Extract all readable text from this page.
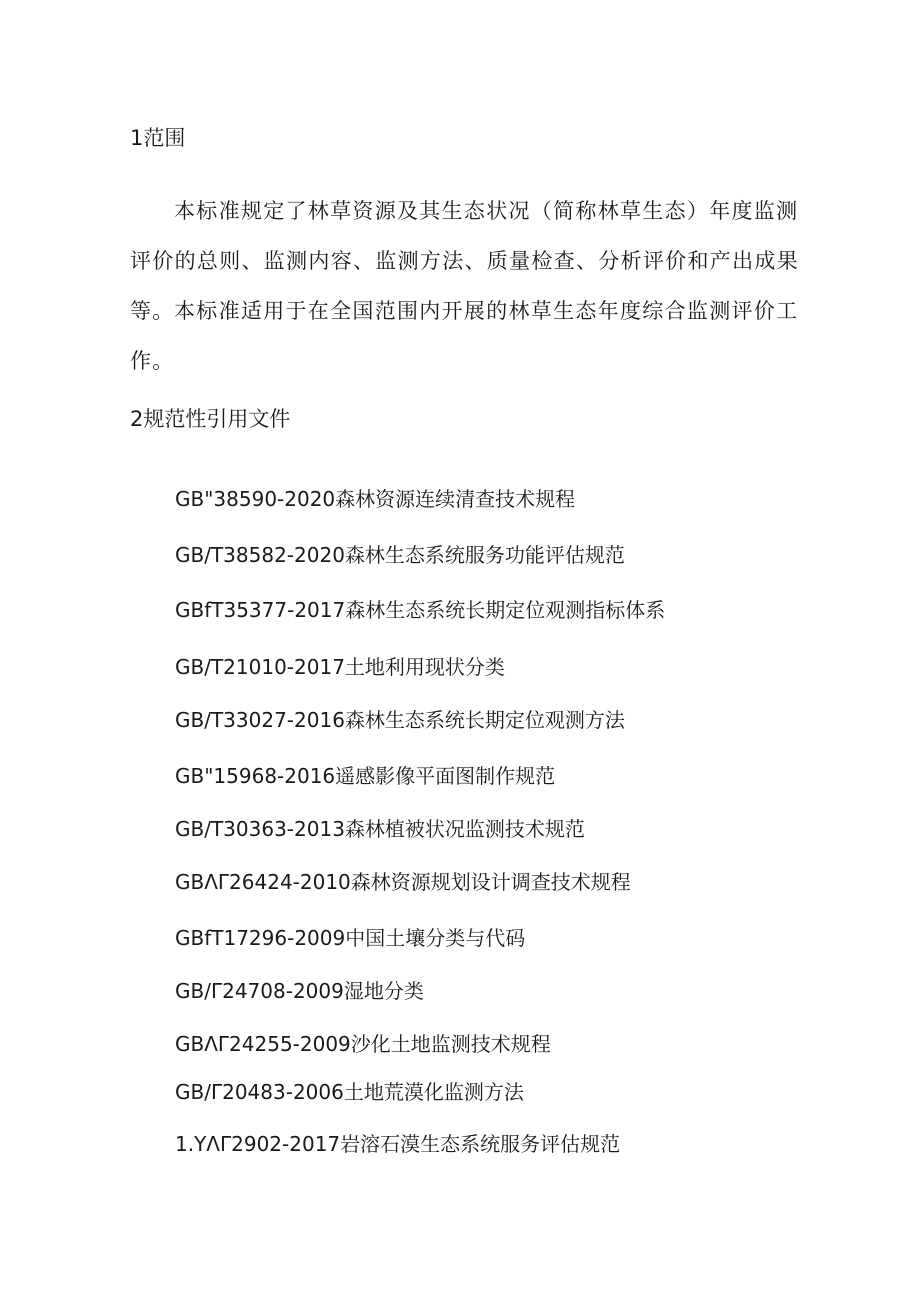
1范围
本标准规定了林草资源及其生态状况（简称林草生态）年度监测评价的总则、监测内容、监测方法、质量检查、分析评价和产出成果等。 本标准适用于在全国范围内开展的林草生态年度综合监测评价工作。
2规范性引用文件
GB"38590-2020森林资源连续清查技术规程
GB/T38582-2020森林生态系统服务功能评估规范
GBfT35377-2017森林生态系统长期定位观测指标体系
GB/T21010-2017土地利用现状分类
GB/T33027-2016森林生态系统长期定位观测方法
GB"15968-2016遥感影像平面图制作规范
GB/T30363-2013森林植被状况监测技术规范
GBΛΓ26424-2010森林资源规划设计调查技术规程
GBfT17296-2009中国土壤分类与代码
GB/Γ24708-2009湿地分类
GBΛΓ24255-2009沙化土地监测技术规程
GB/Γ20483-2006土地荒漠化监测方法
1.YΛΓ2902-2017岩溶石漠生态系统服务评估规范
